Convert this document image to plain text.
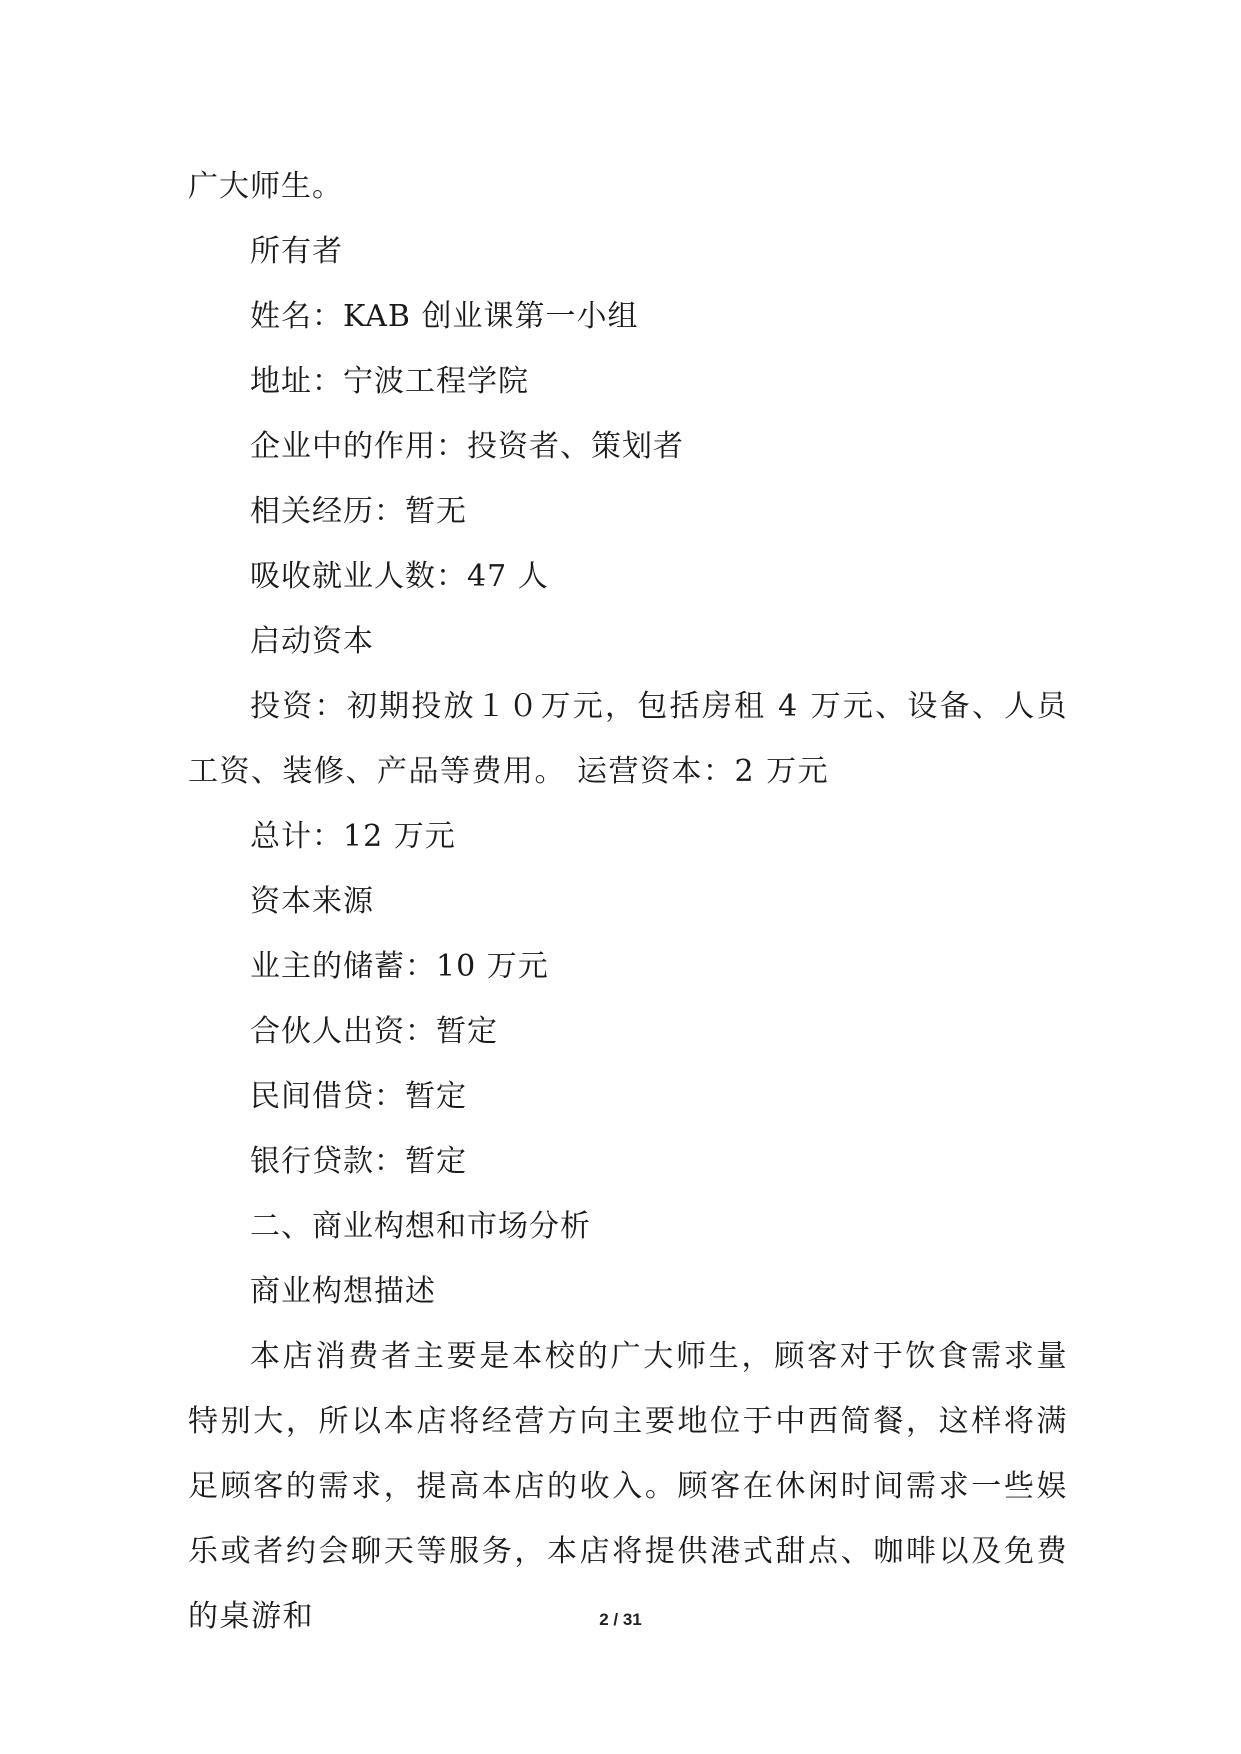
广大师生。
所有者
姓名：KAB 创业课第一小组
地址：宁波工程学院
企业中的作用：投资者、策划者
相关经历：暂无
吸收就业人数：47 人
启动资本

投资：初期投放１０万元，包括房租 4 万元、设备、人员工资、装修、产品等费用。 运营资本：2 万元

总计：12 万元
资本来源
业主的储蓄：10 万元
合伙人出资：暂定
民间借贷：暂定
银行贷款：暂定
二、商业构想和市场分析
商业构想描述

本店消费者主要是本校的广大师生，顾客对于饮食需求量特别大，所以本店将经营方向主要地位于中西简餐，这样将满足顾客的需求，提高本店的收入。顾客在休闲时间需求一些娱乐或者约会聊天等服务，本店将提供港式甜点、咖啡以及免费的桌游和	2 / 31
